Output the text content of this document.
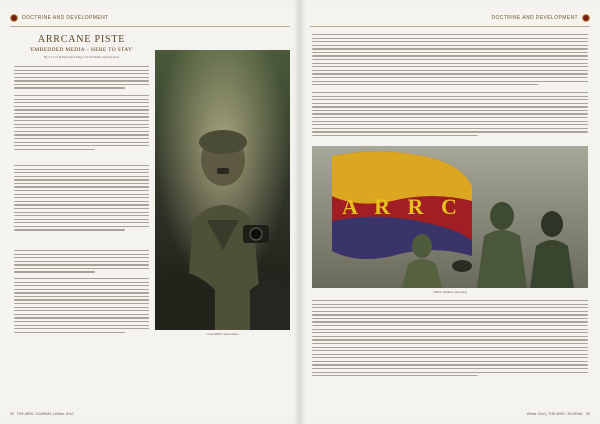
DOCTRINE AND DEVELOPMENT
ARRCANE PISTE
'EMBEDDED MEDIA – HERE TO STAY'
By Lt Col & Principal Major Staff Media Information
Local ARRC Information
32 THE ARRC JOURNAL | Winter 2010
DOCTRINE AND DEVELOPMENT
A R R C
ARRC Soldiers operating
Winter 2010 | THE ARRC JOURNAL 33
